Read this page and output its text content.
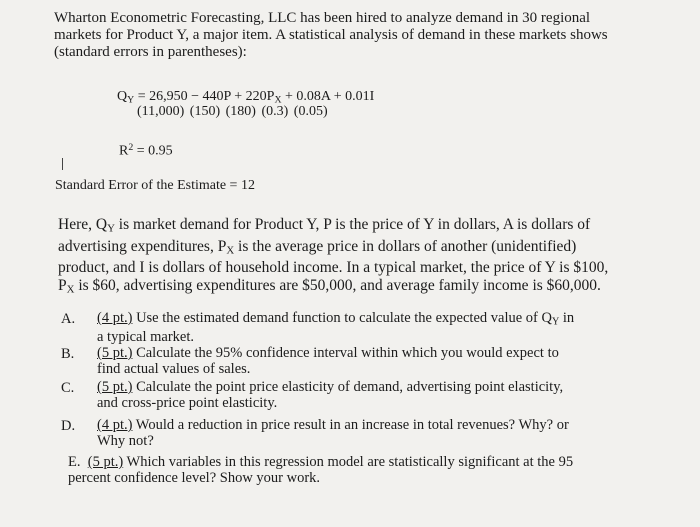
Wharton Econometric Forecasting, LLC has been hired to analyze demand in 30 regional
markets for Product Y, a major item. A statistical analysis of demand in these markets shows
(standard errors in parentheses):
$Q_Y = 26,950 - 440P + 220P_X + 0.08A + 0.01I$
(11,000) (150) (180) (0.3) (0.05)
$R^2 = 0.95$
Standard Error of the Estimate = 12
Here, $Q_Y$ is market demand for Product Y, P is the price of Y in dollars, A is dollars of
advertising expenditures, $P_X$ is the average price in dollars of another (unidentified)
product, and I is dollars of household income. In a typical market, the price of Y is $100,
$P_X$ is $60, advertising expenditures are $50,000, and average family income is $60,000.
A. (4 pt.) Use the estimated demand function to calculate the expected value of $Q_Y$ in
a typical market.
B. (5 pt.) Calculate the 95% confidence interval within which you would expect to
find actual values of sales.
C. (5 pt.) Calculate the point price elasticity of demand, advertising point elasticity,
and cross-price point elasticity.
D. (4 pt.) Would a reduction in price result in an increase in total revenues? Why? or
Why not?
E. (5 pt.) Which variables in this regression model are statistically significant at the 95
percent confidence level? Show your work.
